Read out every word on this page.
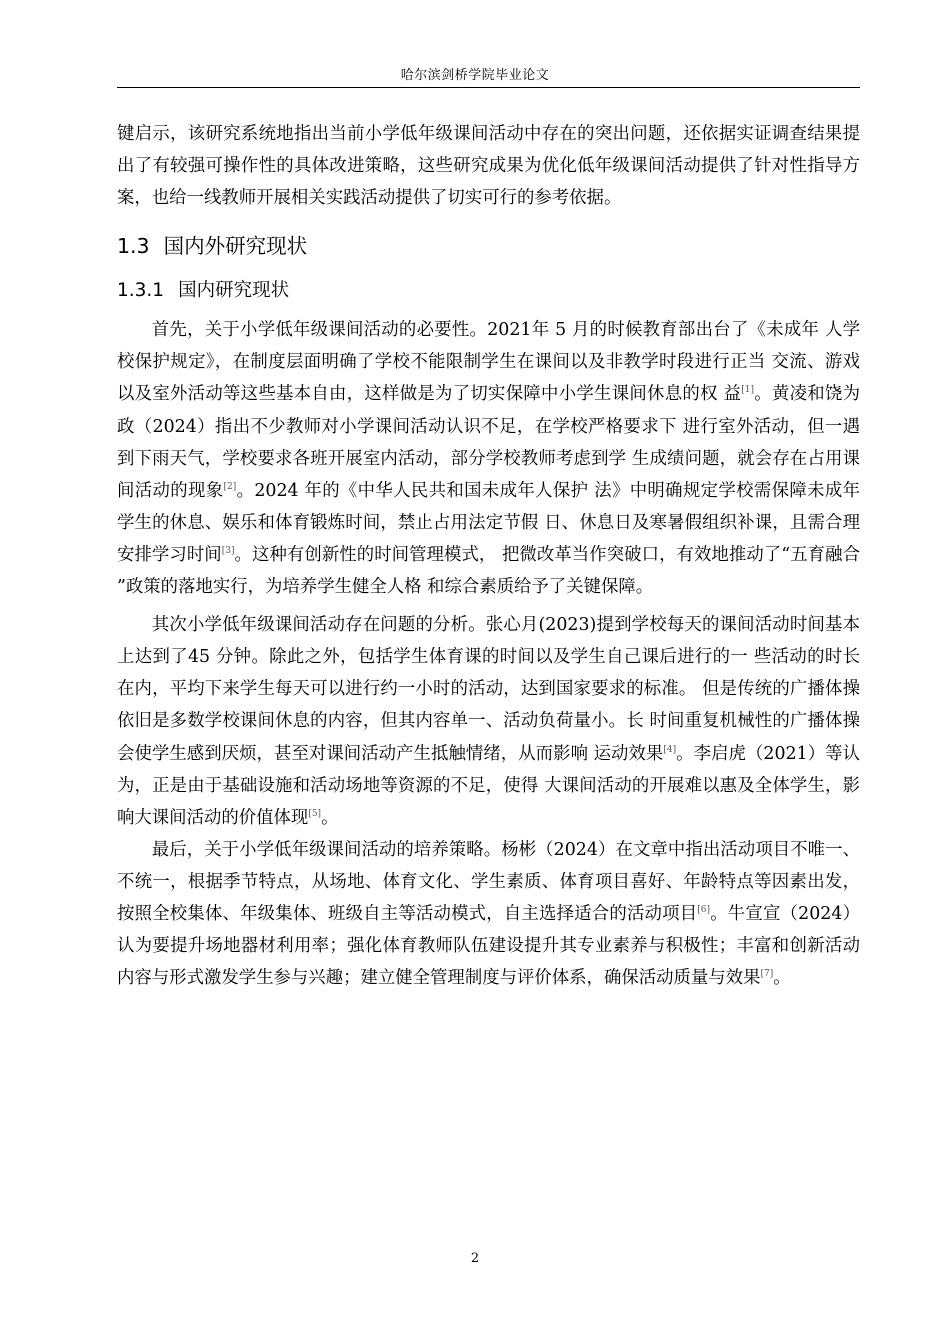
哈尔滨剑桥学院毕业论文

键启示，该研究系统地指出当前小学低年级课间活动中存在的突出问题，还依据实证调查结果提出了有较强可操作性的具体改进策略，这些研究成果为优化低年级课间活动提供了针对性指导方案，也给一线教师开展相关实践活动提供了切实可行的参考依据。

1.3 国内外研究现状
1.3.1 国内研究现状

首先，关于小学低年级课间活动的必要性。2021年 5 月的时候教育部出台了《未成年 人学校保护规定》，在制度层面明确了学校不能限制学生在课间以及非教学时段进行正当 交流、游戏以及室外活动等这些基本自由，这样做是为了切实保障中小学生课间休息的权 益[1]。黄凌和饶为政（2024）指出不少教师对小学课间活动认识不足，在学校严格要求下 进行室外活动，但一遇到下雨天气，学校要求各班开展室内活动，部分学校教师考虑到学 生成绩问题，就会存在占用课间活动的现象[2]。2024 年的《中华人民共和国未成年人保护 法》中明确规定学校需保障未成年学生的休息、娱乐和体育锻炼时间，禁止占用法定节假 日、休息日及寒暑假组织补课，且需合理安排学习时间[3]。这种有创新性的时间管理模式， 把微改革当作突破口，有效地推动了“五育融合 ”政策的落地实行，为培养学生健全人格 和综合素质给予了关键保障。

其次小学低年级课间活动存在问题的分析。张心月(2023)提到学校每天的课间活动时间基本上达到了45 分钟。除此之外，包括学生体育课的时间以及学生自己课后进行的一 些活动的时长在内，平均下来学生每天可以进行约一小时的活动，达到国家要求的标准。 但是传统的广播体操依旧是多数学校课间休息的内容，但其内容单一、活动负荷量小。长 时间重复机械性的广播体操会使学生感到厌烦，甚至对课间活动产生抵触情绪，从而影响 运动效果[4]。李启虎（2021）等认为，正是由于基础设施和活动场地等资源的不足，使得 大课间活动的开展难以惠及全体学生，影响大课间活动的价值体现[5]。

最后，关于小学低年级课间活动的培养策略。杨彬（2024）在文章中指出活动项目不唯一、不统一，根据季节特点，从场地、体育文化、学生素质、体育项目喜好、年龄特点等因素出发，按照全校集体、年级集体、班级自主等活动模式，自主选择适合的活动项目[6]。牛宣宣（2024）认为要提升场地器材利用率；强化体育教师队伍建设提升其专业素养与积极性；丰富和创新活动内容与形式激发学生参与兴趣；建立健全管理制度与评价体系，确保活动质量与效果[7]。

2
